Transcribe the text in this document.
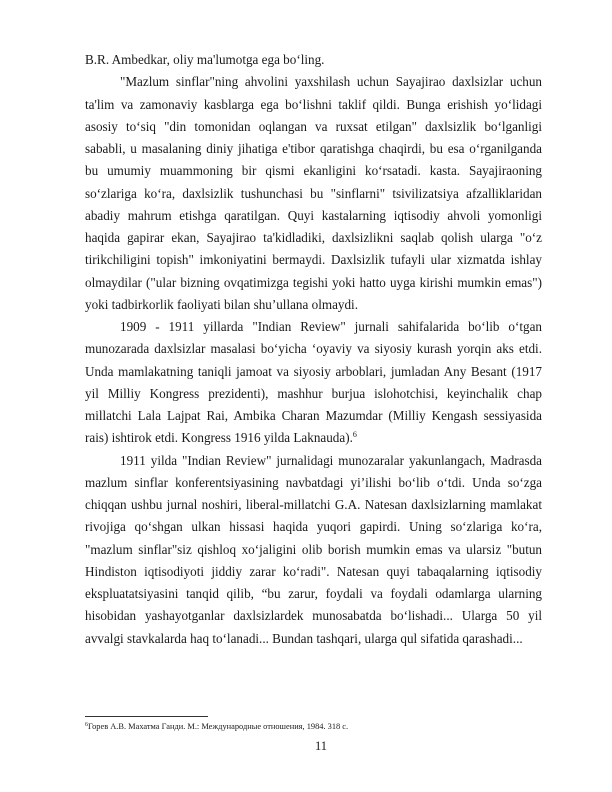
B.R. Ambedkar, oliy ma'lumotga ega bo‘ling.

"Mazlum sinflar"ning ahvolini yaxshilash uchun Sayajirao daxlsizlar uchun ta'lim va zamonaviy kasblarga ega bo‘lishni taklif qildi. Bunga erishish yo‘lidagi asosiy to‘siq "din tomonidan oqlangan va ruxsat etilgan" daxlsizlik bo‘lganligi sababli, u masalaning diniy jihatiga e'tibor qaratishga chaqirdi, bu esa o‘rganilganda bu umumiy muammoning bir qismi ekanligini ko‘rsatadi. kasta. Sayajiraoning so‘zlariga ko‘ra, daxlsizlik tushunchasi bu "sinflarni" tsivilizatsiya afzalliklaridan abadiy mahrum etishga qaratilgan. Quyi kastalarning iqtisodiy ahvoli yomonligi haqida gapirar ekan, Sayajirao ta'kidladiki, daxlsizlikni saqlab qolish ularga "o‘z tirikchiligini topish" imkoniyatini bermaydi. Daxlsizlik tufayli ular xizmatda ishlay olmaydilar ("ular bizning ovqatimizga tegishi yoki hatto uyga kirishi mumkin emas") yoki tadbirkorlik faoliyati bilan shu’ullana olmaydi.

1909 - 1911 yillarda "Indian Review" jurnali sahifalarida bo‘lib o‘tgan munozarada daxlsizlar masalasi bo‘yicha ‘oyaviy va siyosiy kurash yorqin aks etdi. Unda mamlakatning taniqli jamoat va siyosiy arboblari, jumladan Any Besant (1917 yil Milliy Kongress prezidenti), mashhur burjua islohotchisi, keyinchalik chap millatchi Lala Lajpat Rai, Ambika Charan Mazumdar (Milliy Kengash sessiyasida rais) ishtirok etdi. Kongress 1916 yilda Laknauda).$^6$

1911 yilda "Indian Review" jurnalidagi munozaralar yakunlangach, Madrasda mazlum sinflar konferentsiyasining navbatdagi yi’ilishi bo‘lib o‘tdi. Unda so‘zga chiqqan ushbu jurnal noshiri, liberal-millatchi G.A. Natesan daxlsizlarning mamlakat rivojiga qo‘shgan ulkan hissasi haqida yuqori gapirdi. Uning so‘zlariga ko‘ra, "mazlum sinflar"siz qishloq xo‘jaligini olib borish mumkin emas va ularsiz "butun Hindiston iqtisodiyoti jiddiy zarar ko‘radi". Natesan quyi tabaqalarning iqtisodiy ekspluatatsiyasini tanqid qilib, “bu zarur, foydali va foydali odamlarga ularning hisobidan yashayotganlar daxlsizlardek munosabatda bo‘lishadi... Ularga 50 yil avvalgi stavkalarda haq to‘lanadi... Bundan tashqari, ularga qul sifatida qarashadi...

$^6$Горев А.В. Махатма Ганди. М.: Международные отношения, 1984. 318 с.
11
